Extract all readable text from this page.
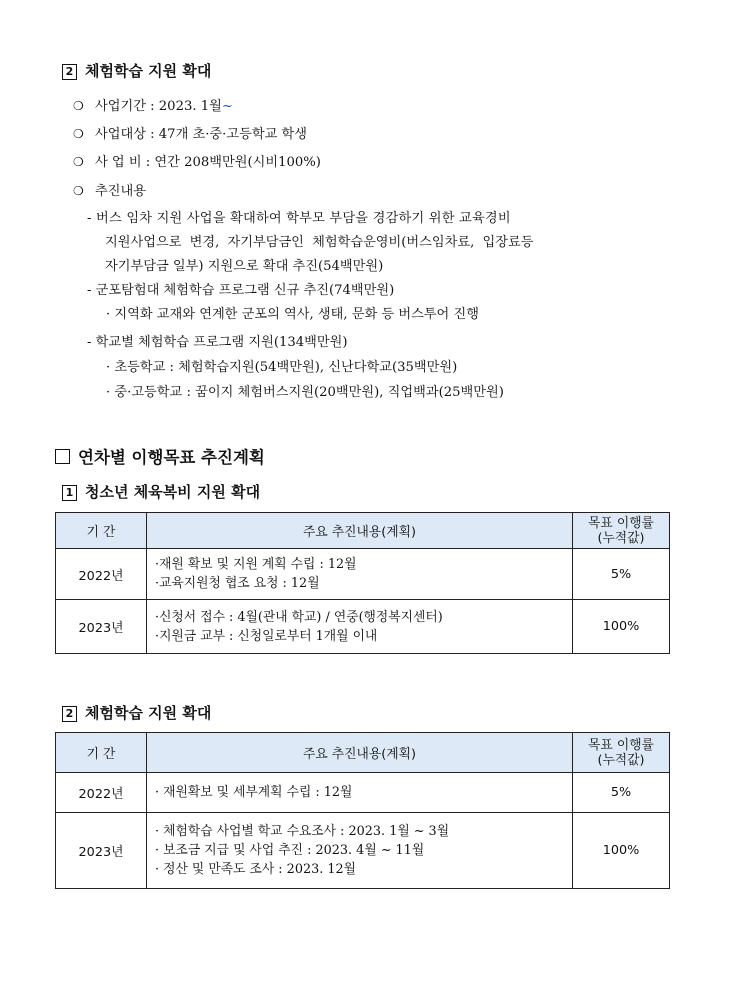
2 체험학습 지원 확대
❍ 사업기간 : 2023. 1월~
❍ 사업대상 : 47개 초·중·고등학교 학생
❍ 사 업 비 : 연간 208백만원(시비100%)
❍ 추진내용
- 버스 임차 지원 사업을 확대하여 학부모 부담을 경감하기 위한 교육경비
지원사업으로 변경, 자기부담금인 체험학습운영비(버스임차료, 입장료등
자기부담금 일부) 지원으로 확대 추진(54백만원)
- 군포탐험대 체험학습 프로그램 신규 추진(74백만원)
· 지역화 교재와 연계한 군포의 역사, 생태, 문화 등 버스투어 진행
- 학교별 체험학습 프로그램 지원(134백만원)
· 초등학교 : 체험학습지원(54백만원), 신난다학교(35백만원)
· 중·고등학교 : 꿈이지 체험버스지원(20백만원), 직업백과(25백만원)
연차별 이행목표 추진계획
1 청소년 체육복비 지원 확대
기 간	주요 추진내용(계획)	목표 이행률
(누적값)

2022년	·재원 확보 및 지원 계획 수립 : 12월
·교육지원청 협조 요청 : 12월	5%
2023년	·신청서 접수 : 4월(관내 학교) / 연중(행정복지센터)
·지원금 교부 : 신청일로부터 1개월 이내	100%
2 체험학습 지원 확대
기 간	주요 추진내용(계획)	목표 이행률
(누적값)

2022년	· 재원확보 및 세부계획 수립 : 12월	5%
2023년	· 체험학습 사업별 학교 수요조사 : 2023. 1월 ~ 3월
· 보조금 지급 및 사업 추진 : 2023. 4월 ~ 11월
· 정산 및 만족도 조사 : 2023. 12월	100%
